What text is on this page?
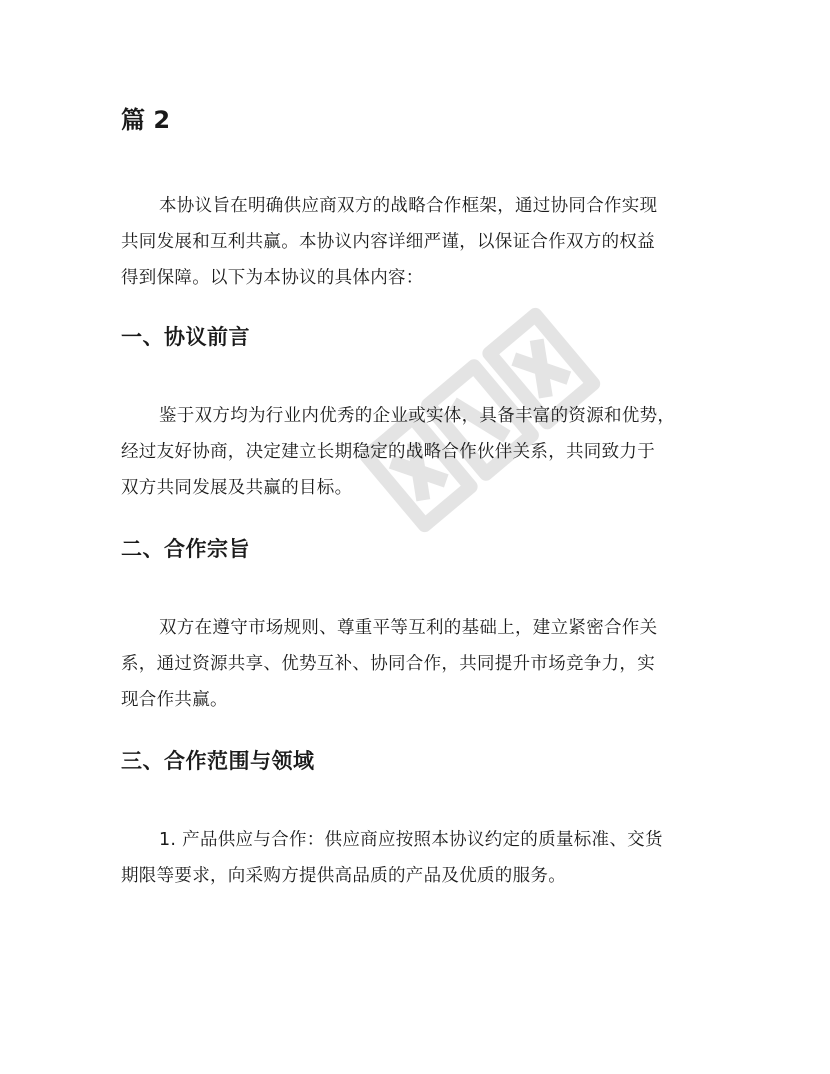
篇 2
本协议旨在明确供应商双方的战略合作框架，通过协同合作实现
共同发展和互利共赢。本协议内容详细严谨，以保证合作双方的权益
得到保障。以下为本协议的具体内容：
一、协议前言
鉴于双方均为行业内优秀的企业或实体，具备丰富的资源和优势，
经过友好协商，决定建立长期稳定的战略合作伙伴关系，共同致力于
双方共同发展及共赢的目标。
二、合作宗旨
双方在遵守市场规则、尊重平等互利的基础上，建立紧密合作关
系，通过资源共享、优势互补、协同合作，共同提升市场竞争力，实
现合作共赢。
三、合作范围与领域
1. 产品供应与合作：供应商应按照本协议约定的质量标准、交货
期限等要求，向采购方提供高品质的产品及优质的服务。
